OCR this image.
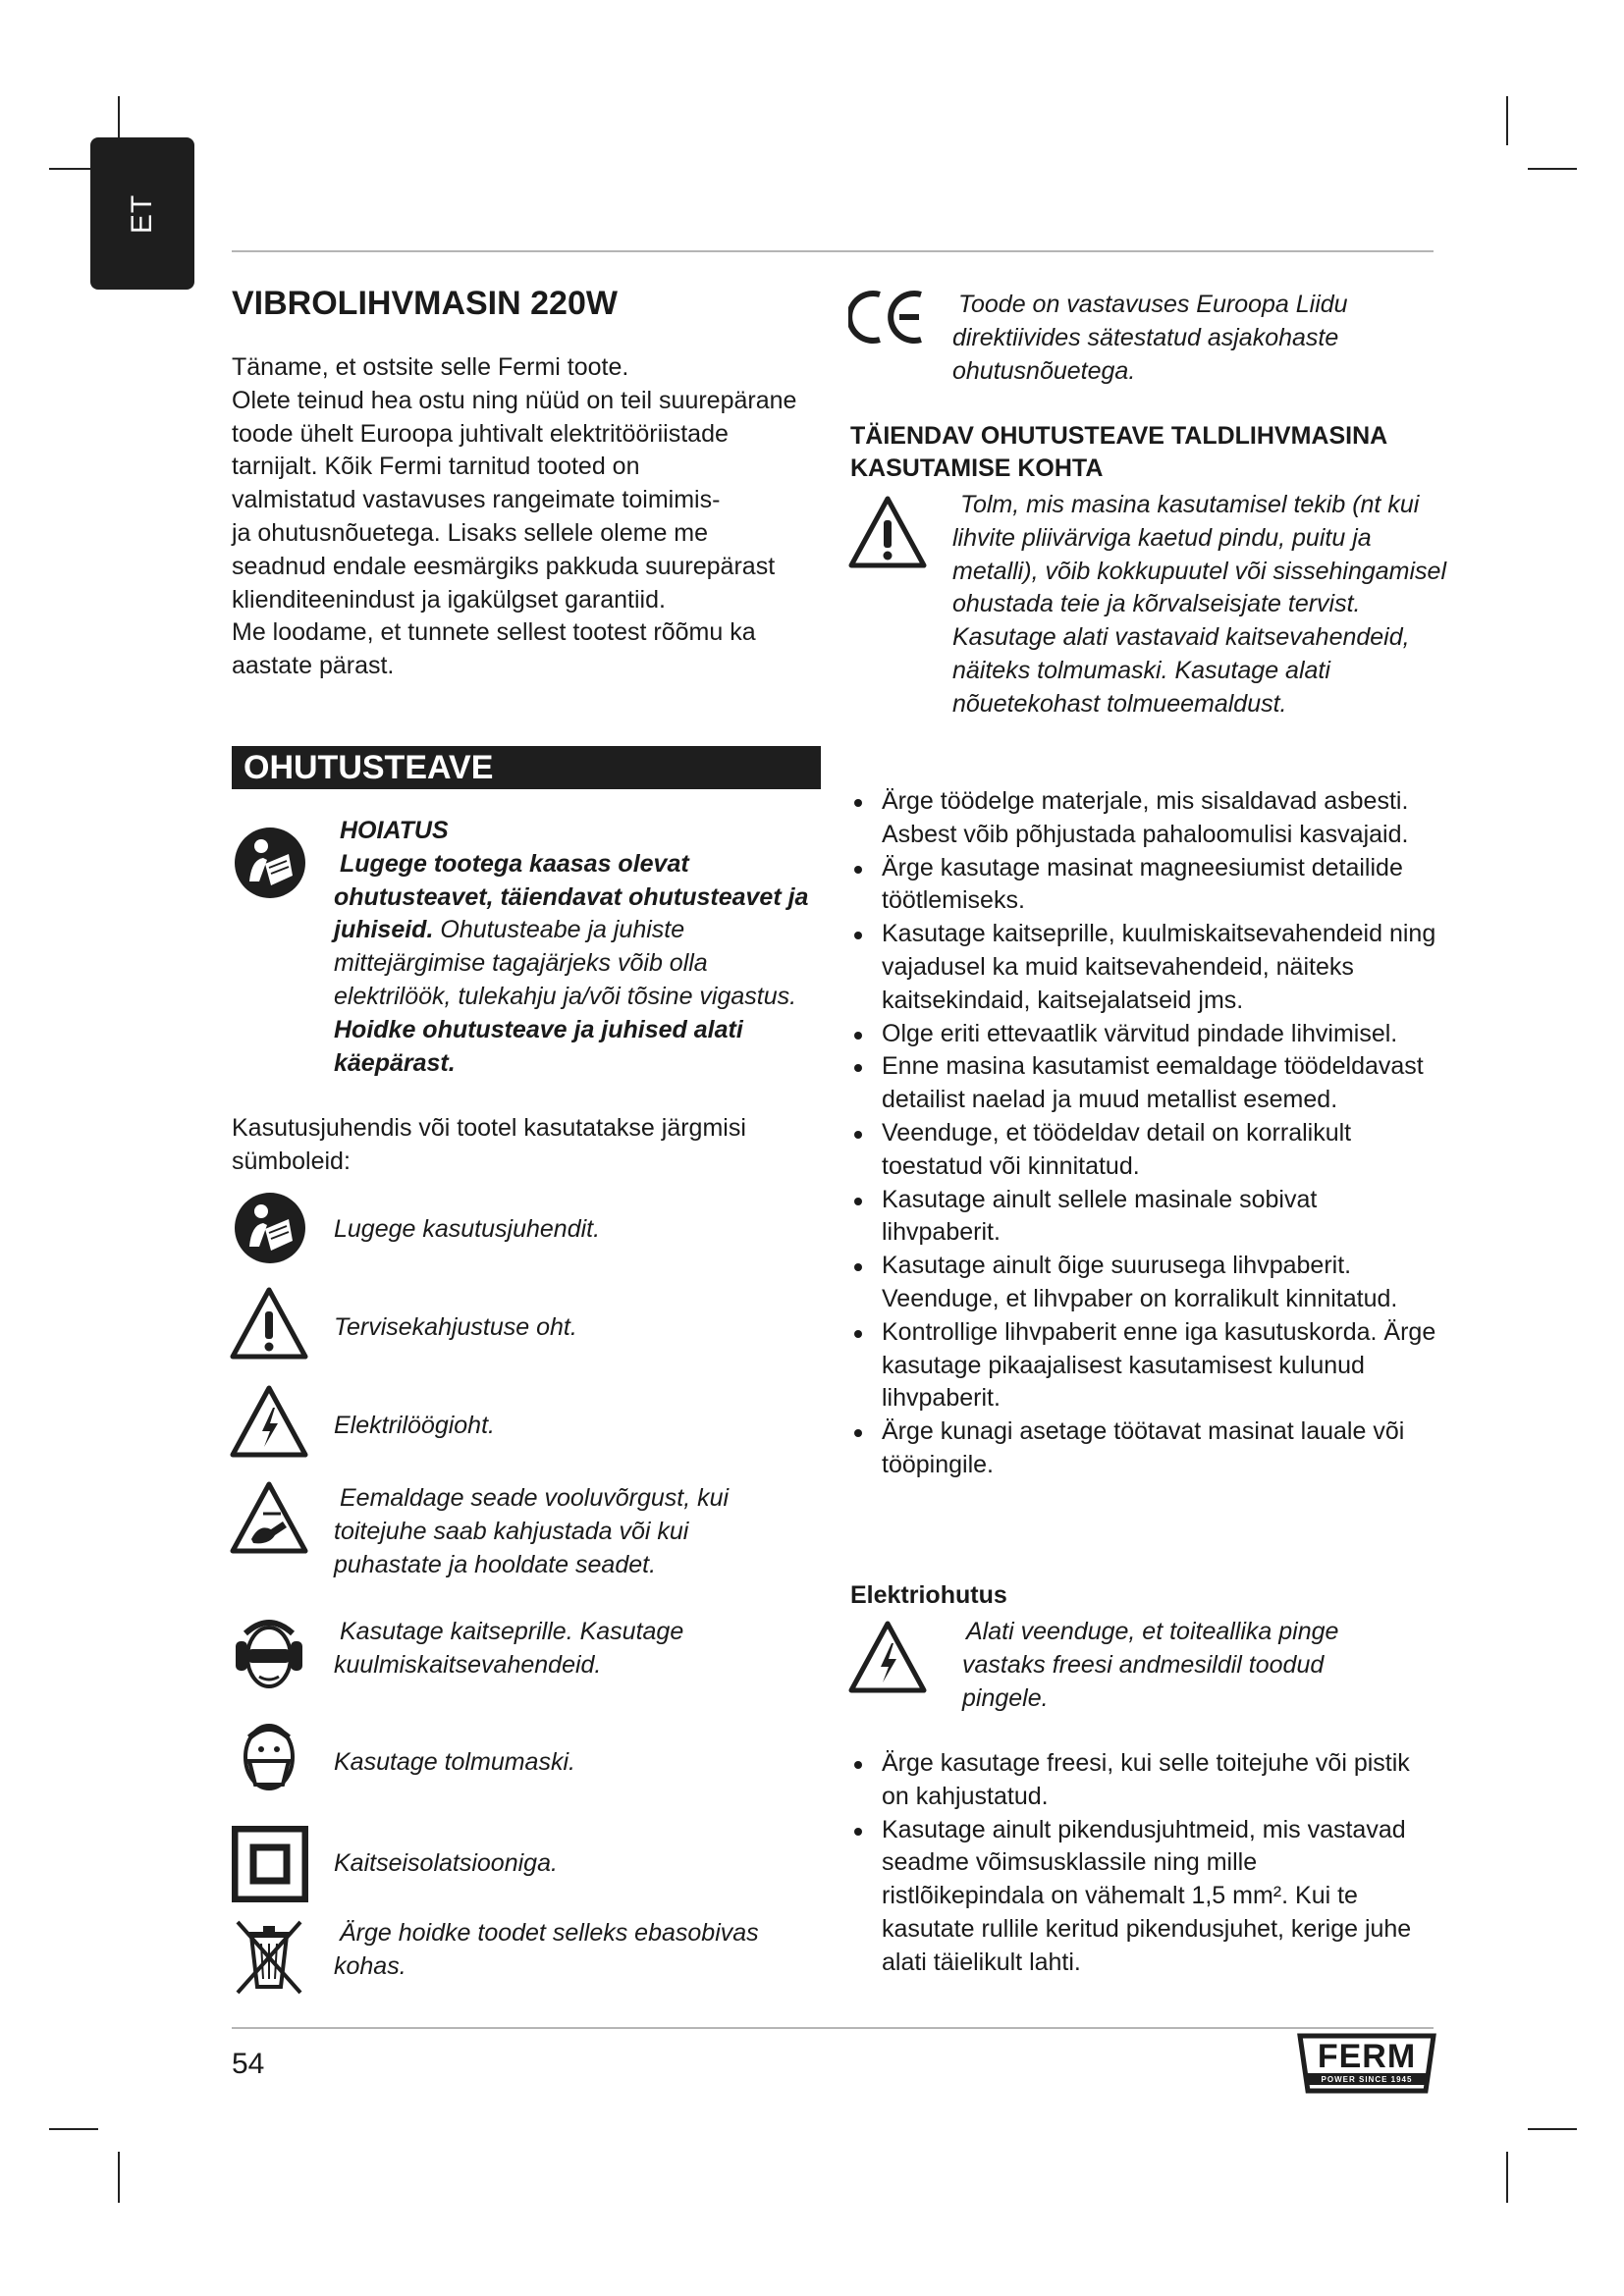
ET
VIBROLIHVMASIN 220W
Täname, et ostsite selle Fermi toote.
Olete teinud hea ostu ning nüüd on teil suurepärane
toode ühelt Euroopa juhtivalt elektritööriistade
tarnijalt. Kõik Fermi tarnitud tooted on
valmistatud vastavuses rangeimate toimimis-
ja ohutusnõuetega. Lisaks sellele oleme me
seadnud endale eesmärgiks pakkuda suurepärast
klienditeenindust ja igakülgset garantiid.
Me loodame, et tunnete sellest tootest rõõmu ka
aastate pärast.
OHUTUSTEAVE
HOIATUS
Lugege tootega kaasas olevat ohutusteavet, täiendavat ohutusteavet ja juhiseid. Ohutusteabe ja juhiste mittejärgimise tagajärjeks võib olla elektrilöök, tulekahju ja/või tõsine vigastus. Hoidke ohutusteave ja juhised alati käepärast.
Kasutusjuhendis või tootel kasutatakse järgmisi sümboleid:
Lugege kasutusjuhendit.
Tervisekahjustuse oht.
Elektrilöögioht.
Eemaldage seade vooluvõrgust, kui toitejuhe saab kahjustada või kui puhastate ja hooldate seadet.
Kasutage kaitseprille. Kasutage kuulmiskaitsevahendeid.
Kasutage tolmumaski.
Kaitseisolatsiooniga.
Ärge hoidke toodet selleks ebasobivas kohas.
Toode on vastavuses Euroopa Liidu direktiivides sätestatud asjakohaste ohutusnõuetega.
TÄIENDAV OHUTUSTEAVE TALDLIHVMASINA KASUTAMISE KOHTA
Tolm, mis masina kasutamisel tekib (nt kui lihvite pliivärviga kaetud pindu, puitu ja metalli), võib kokkupuutel või sissehingamisel ohustada teie ja kõrvalseisjate tervist. Kasutage alati vastavaid kaitsevahendeid, näiteks tolmumaski. Kasutage alati nõuetekohast tolmueemaldust.
Ärge töödelge materjale, mis sisaldavad asbesti. Asbest võib põhjustada pahaloomulisi kasvajaid.
Ärge kasutage masinat magneesiumist detailide töötlemiseks.
Kasutage kaitseprille, kuulmiskaitsevahendeid ning vajadusel ka muid kaitsevahendeid, näiteks kaitsekindaid, kaitsejalatseid jms.
Olge eriti ettevaatlik värvitud pindade lihvimisel.
Enne masina kasutamist eemaldage töödeldavast detailist naelad ja muud metallist esemed.
Veenduge, et töödeldav detail on korralikult toestatud või kinnitatud.
Kasutage ainult sellele masinale sobivat lihvpaberit.
Kasutage ainult õige suurusega lihvpaberit. Veenduge, et lihvpaber on korralikult kinnitatud.
Kontrollige lihvpaberit enne iga kasutuskorda. Ärge kasutage pikaajalisest kasutamisest kulunud lihvpaberit.
Ärge kunagi asetage töötavat masinat lauale või tööpingile.
Elektriohutus
Alati veenduge, et toiteallika pinge vastaks freesi andmesildil toodud pingele.
Ärge kasutage freesi, kui selle toitejuhe või pistik on kahjustatud.
Kasutage ainult pikendusjuhtmeid, mis vastavad seadme võimsusklassile ning mille ristlõikepindala on vähemalt 1,5 mm². Kui te kasutate rullile keritud pikendusjuhet, kerige juhe alati täielikult lahti.
54	FERM
POWER SINCE 1945
